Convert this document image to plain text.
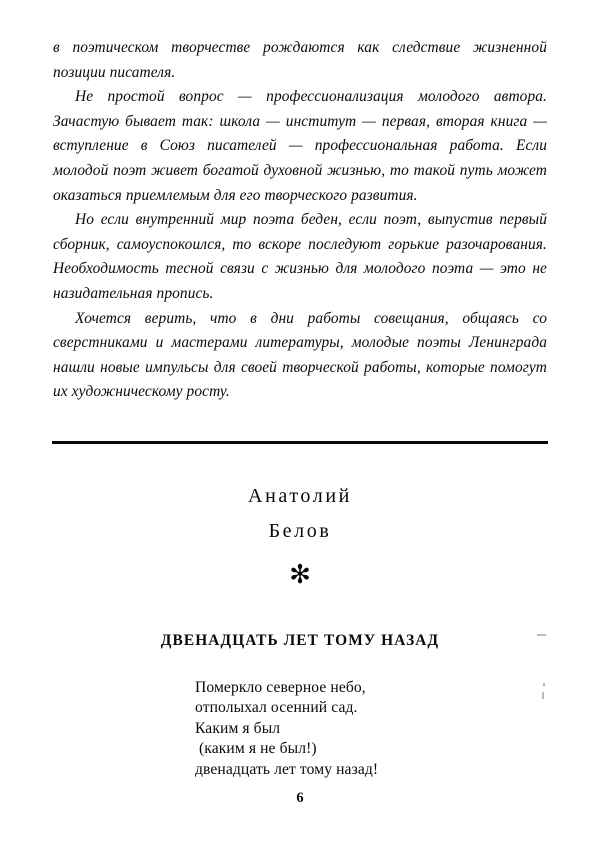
в поэтическом творчестве рождаются как следствие жизненной позиции писателя.

Не простой вопрос — профессионализация молодого автора. Зачастую бывает так: школа — институт — первая, вторая книга — вступление в Союз писателей — профессиональная работа. Если молодой поэт живет богатой духовной жизнью, то такой путь может оказаться приемлемым для его творческого развития.

Но если внутренний мир поэта беден, если поэт, выпустив первый сборник, самоуспокоился, то вскоре последуют горькие разочарования. Необходимость тесной связи с жизнью для молодого поэта — это не назидательная пропись.

Хочется верить, что в дни работы совещания, общаясь со сверстниками и мастерами литературы, молодые поэты Ленинграда нашли новые импульсы для своей творческой работы, которые помогут их художническому росту.

Анатолий
Белов
✻
ДВЕНАДЦАТЬ ЛЕТ ТОМУ НАЗАД
Померкло северное небо,
отполыхал осенний сад.
Каким я был
(каким я не был!)
двенадцать лет тому назад!
6
